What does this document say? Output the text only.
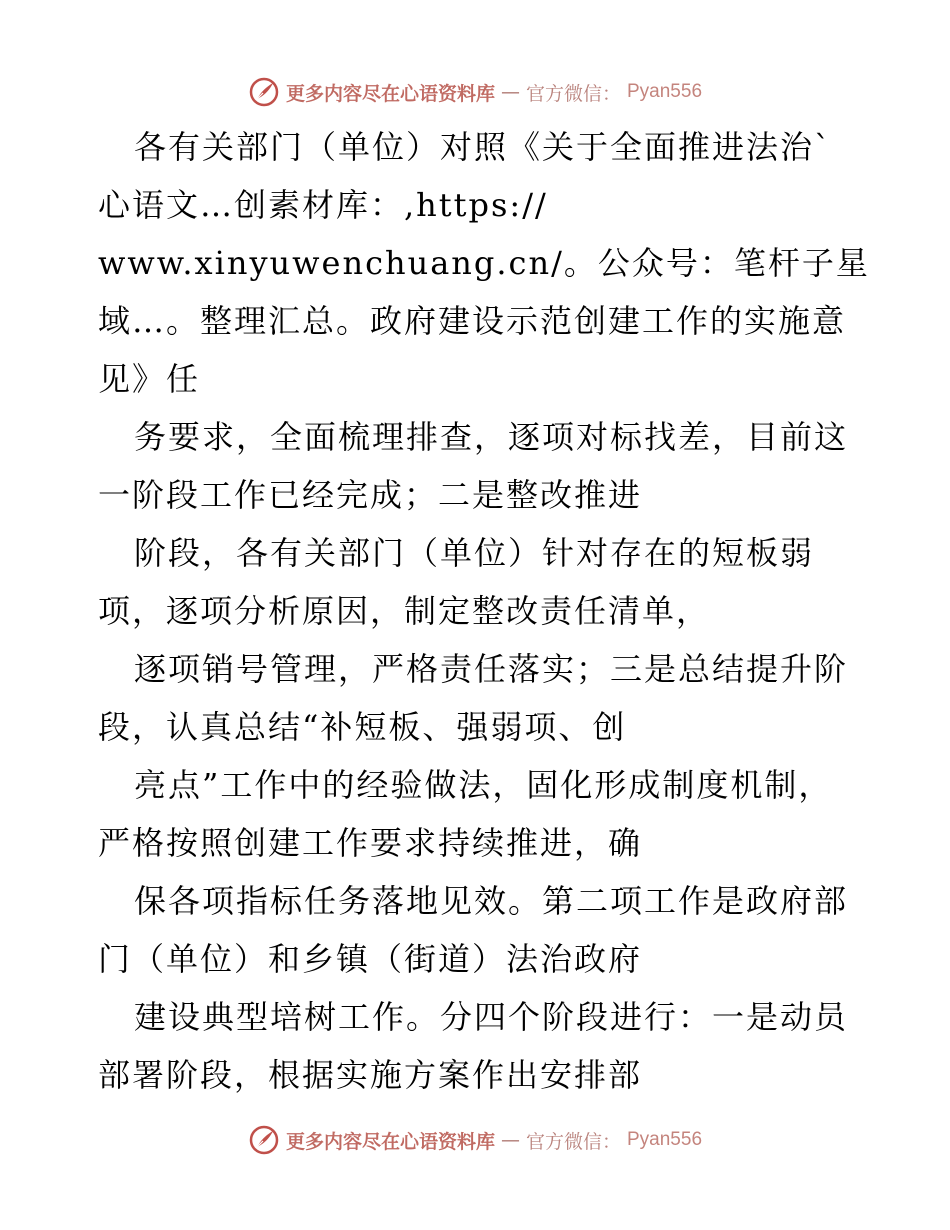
更多内容尽在心语资料库 — 官方微信： Pyan556
各有关部门（单位）对照《关于全面推进法治`
心语文…创素材库：,https://
www.xinyuwenchuang.cn/。公众号：笔杆子星
域…。整理汇总。政府建设示范创建工作的实施意
见》任
务要求，全面梳理排查，逐项对标找差，目前这
一阶段工作已经完成；二是整改推进
阶段，各有关部门（单位）针对存在的短板弱
项，逐项分析原因，制定整改责任清单，
逐项销号管理，严格责任落实；三是总结提升阶
段，认真总结“补短板、强弱项、创
亮点”工作中的经验做法，固化形成制度机制，
严格按照创建工作要求持续推进，确
保各项指标任务落地见效。第二项工作是政府部
门（单位）和乡镇（街道）法治政府
建设典型培树工作。分四个阶段进行：一是动员
部署阶段，根据实施方案作出安排部
更多内容尽在心语资料库 — 官方微信： Pyan556
